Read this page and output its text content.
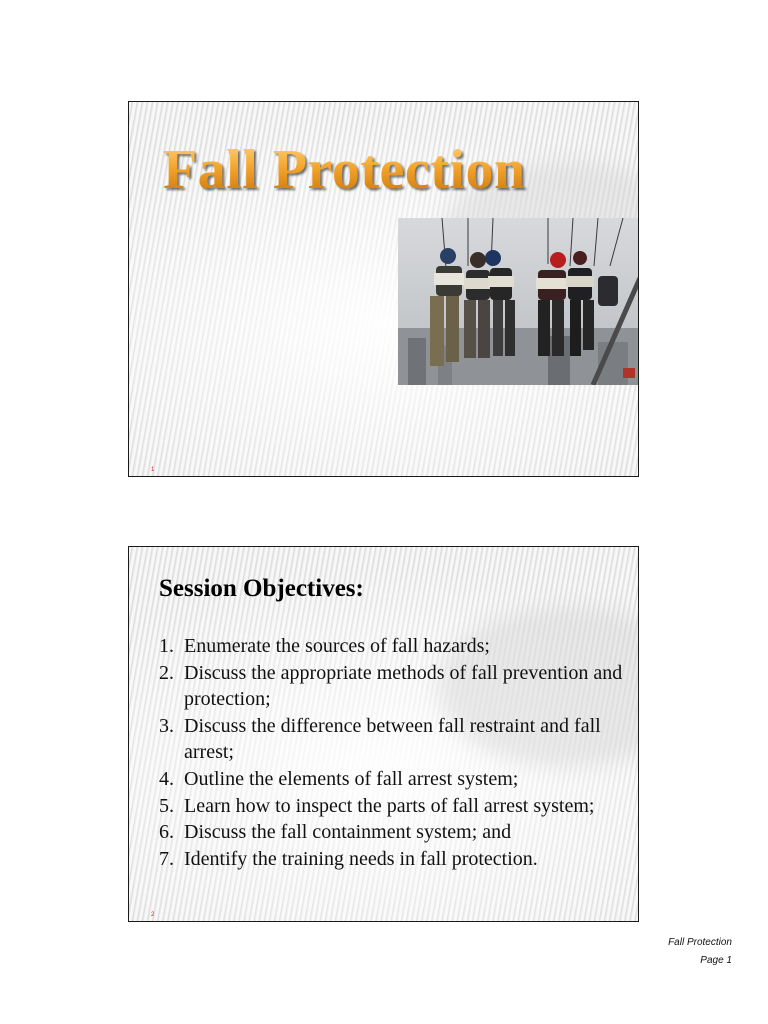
Fall Protection
1
Session Objectives:
1. Enumerate the sources of fall hazards;
2. Discuss the appropriate methods of fall prevention and protection;
3. Discuss the difference between fall restraint and fall arrest;
4. Outline the elements of fall arrest system;
5. Learn how to inspect the parts of fall arrest system;
6. Discuss the fall containment system; and
7. Identify the training needs in fall protection.
2
Fall Protection
Page 1
